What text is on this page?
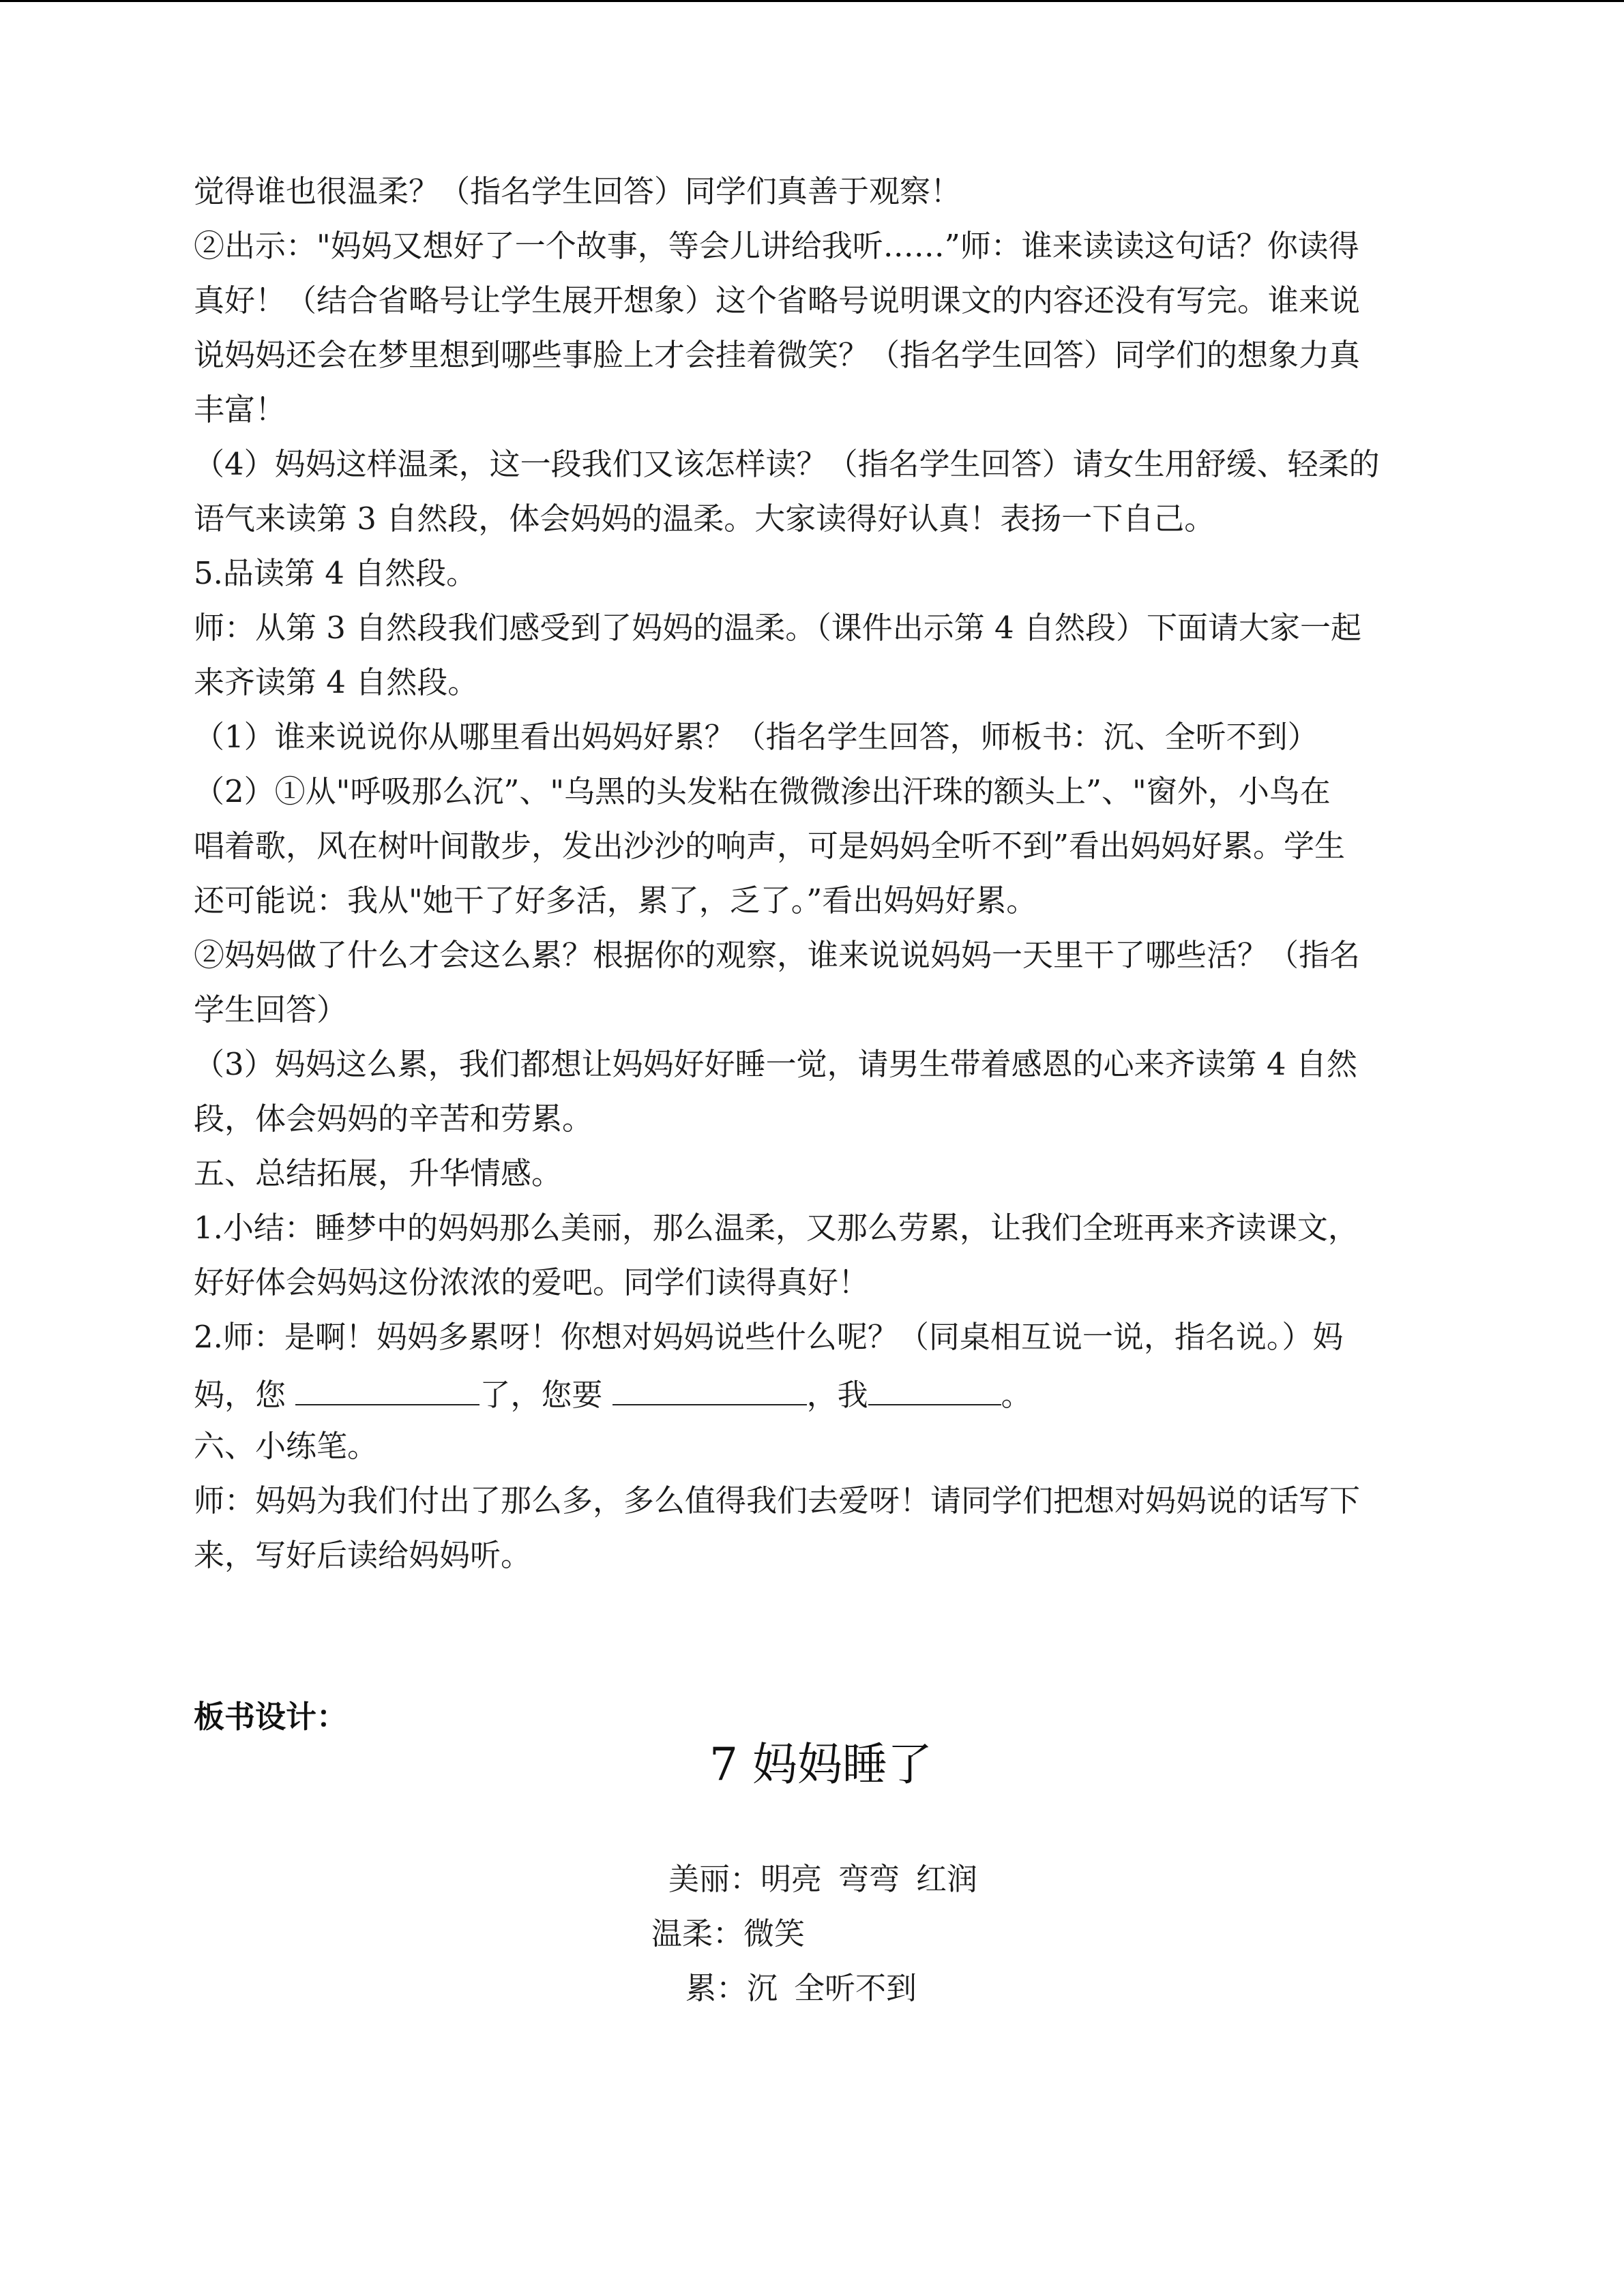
觉得谁也很温柔？（指名学生回答）同学们真善于观察！
②出示："妈妈又想好了一个故事，等会儿讲给我听……”师：谁来读读这句话？你读得
真好！（结合省略号让学生展开想象）这个省略号说明课文的内容还没有写完。谁来说
说妈妈还会在梦里想到哪些事脸上才会挂着微笑？（指名学生回答）同学们的想象力真
丰富！
（4）妈妈这样温柔，这一段我们又该怎样读？（指名学生回答）请女生用舒缓、轻柔的
语气来读第 3 自然段，体会妈妈的温柔。大家读得好认真！表扬一下自己。
5.品读第 4 自然段。
师：从第 3 自然段我们感受到了妈妈的温柔。（课件出示第 4 自然段）下面请大家一起
来齐读第 4 自然段。
（1）谁来说说你从哪里看出妈妈好累？（指名学生回答，师板书：沉、全听不到）
（2）①从"呼吸那么沉”、"乌黑的头发粘在微微渗出汗珠的额头上”、"窗外，小鸟在
唱着歌，风在树叶间散步，发出沙沙的响声，可是妈妈全听不到”看出妈妈好累。学生
还可能说：我从"她干了好多活，累了，乏了。”看出妈妈好累。
②妈妈做了什么才会这么累？根据你的观察，谁来说说妈妈一天里干了哪些活？（指名
学生回答）
（3）妈妈这么累，我们都想让妈妈好好睡一觉，请男生带着感恩的心来齐读第 4 自然
段，体会妈妈的辛苦和劳累。
五、总结拓展，升华情感。
1.小结：睡梦中的妈妈那么美丽，那么温柔，又那么劳累，让我们全班再来齐读课文，
好好体会妈妈这份浓浓的爱吧。同学们读得真好！
2.师：是啊！妈妈多累呀！你想对妈妈说些什么呢？（同桌相互说一说，指名说。）妈
妈，您	了，您要	，我	。
六、小练笔。
师：妈妈为我们付出了那么多，多么值得我们去爱呀！请同学们把想对妈妈说的话写下
来，写好后读给妈妈听。
板书设计：
7 妈妈睡了
美丽：明亮 弯弯 红润
温柔：微笑
累：沉 全听不到
